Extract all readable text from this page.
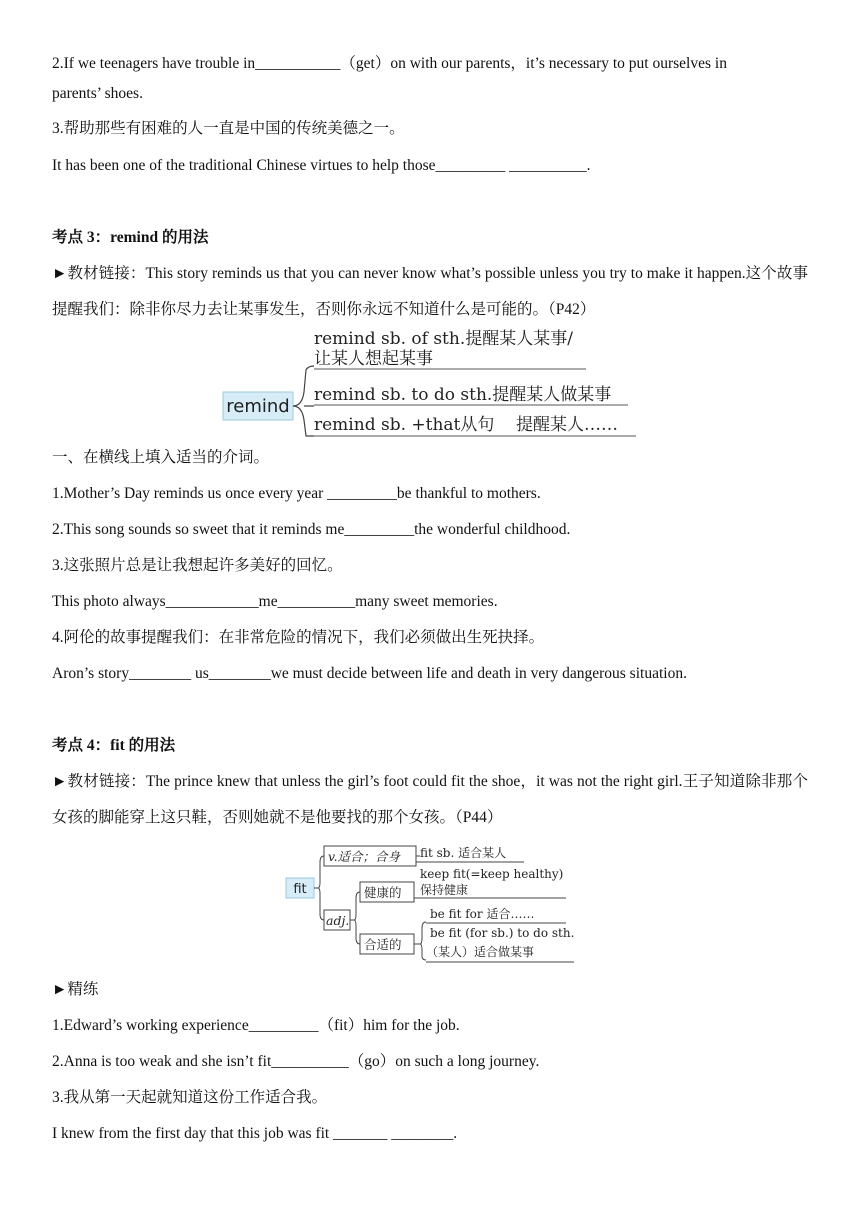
2.If we teenagers have trouble in___________（get）on with our parents，it’s necessary to put ourselves in
parents’ shoes.
3.帮助那些有困难的人一直是中国的传统美德之一。
It has been one of the traditional Chinese virtues to help those_________ __________.
考点 3：remind 的用法
►教材链接：This story reminds us that you can never know what’s possible unless you try to make it happen.这个故事提醒我们：除非你尽力去让某事发生，否则你永远不知道什么是可能的。（P42）
remind
remind sb. of sth.提醒某人某事/
让某人想起某事
remind sb. to do sth.提醒某人做某事
remind sb. +that从句    提醒某人……
一、在横线上填入适当的介词。
1.Mother’s Day reminds us once every year _________be thankful to mothers.
2.This song sounds so sweet that it reminds me_________the wonderful childhood.
3.这张照片总是让我想起许多美好的回忆。
This photo always____________me__________many sweet memories.
4.阿伦的故事提醒我们：在非常危险的情况下，我们必须做出生死抉择。
Aron’s story________ us________we must decide between life and death in very dangerous situation.
考点 4：fit 的用法
►教材链接：The prince knew that unless the girl’s foot could fit the shoe，it was not the right girl.王子知道除非那个女孩的脚能穿上这只鞋，否则她就不是他要找的那个女孩。（P44）
fit
v.适合；合身 fit sb. 适合某人
adj.
健康的
keep fit(=keep healthy)
保持健康
合适的
be fit for 适合……
be fit (for sb.) to do sth.
（某人）适合做某事
►精练
1.Edward’s working experience_________（fit）him for the job.
2.Anna is too weak and she isn’t fit__________（go）on such a long journey.
3.我从第一天起就知道这份工作适合我。
I knew from the first day that this job was fit _______ ________.
